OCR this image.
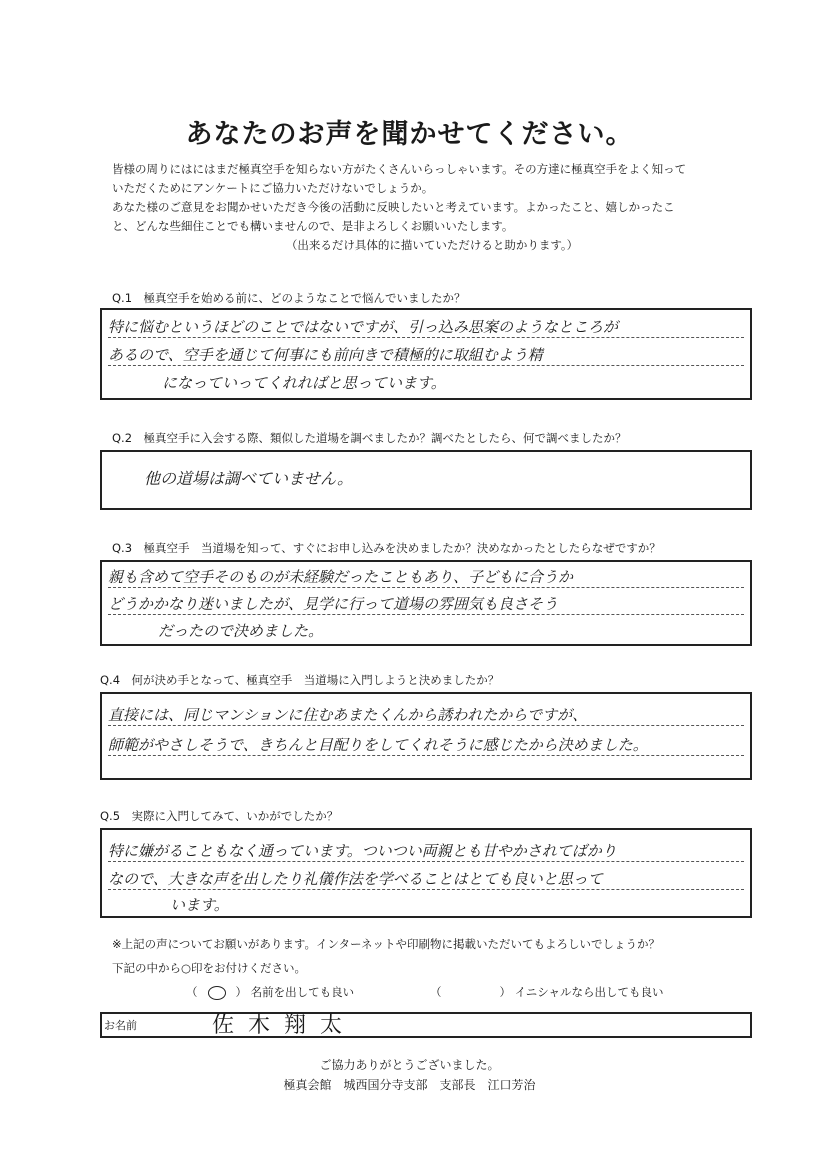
あなたのお声を聞かせてください。

皆様の周りにはにはまだ極真空手を知らない方がたくさんいらっしゃいます。その方達に極真空手をよく知って

いただくためにアンケートにご協力いただけないでしょうか。

あなた様のご意見をお聞かせいただき今後の活動に反映したいと考えています。よかったこと、嬉しかったこ

と、どんな些細住ことでも構いませんので、是非よろしくお願いいたします。

（出来るだけ具体的に描いていただけると助かります。）

Q.1　極真空手を始める前に、どのようなことで悩んでいましたか？
特に悩むというほどのことではないですが、引っ込み思案のようなところが
あるので、空手を通じて何事にも前向きで積極的に取組むよう精
になっていってくれればと思っています。
Q.2　極真空手に入会する際、類似した道場を調べましたか？調べたとしたら、何で調べましたか？
他の道場は調べていません。
Q.3　極真空手　当道場を知って、すぐにお申し込みを決めましたか？決めなかったとしたらなぜですか？
親も含めて空手そのものが未経験だったこともあり、子どもに合うか
どうかかなり迷いましたが、見学に行って道場の雰囲気も良さそう
だったので決めました。
Q.4　何が決め手となって、極真空手　当道場に入門しようと決めましたか？
直接には、同じマンションに住むあまたくんから誘われたからですが、
師範がやさしそうで、きちんと目配りをしてくれそうに感じたから決めました。
Q.5　実際に入門してみて、いかがでしたか？
特に嫌がることもなく通っています。ついつい両親とも甘やかされてばかり
なので、大きな声を出したり礼儀作法を学べることはとても良いと思って
います。
※上記の声についてお願いがあります。インターネットや印刷物に掲載いただいてもよろしいでしょうか？
下記の中から○印をお付けください。
（ ○ ） 名前を出しても良い	（	） イニシャルなら出しても良い
お名前	佐木翔太
ご協力ありがとうございました。
極真会館　城西国分寺支部　支部長　江口芳治
